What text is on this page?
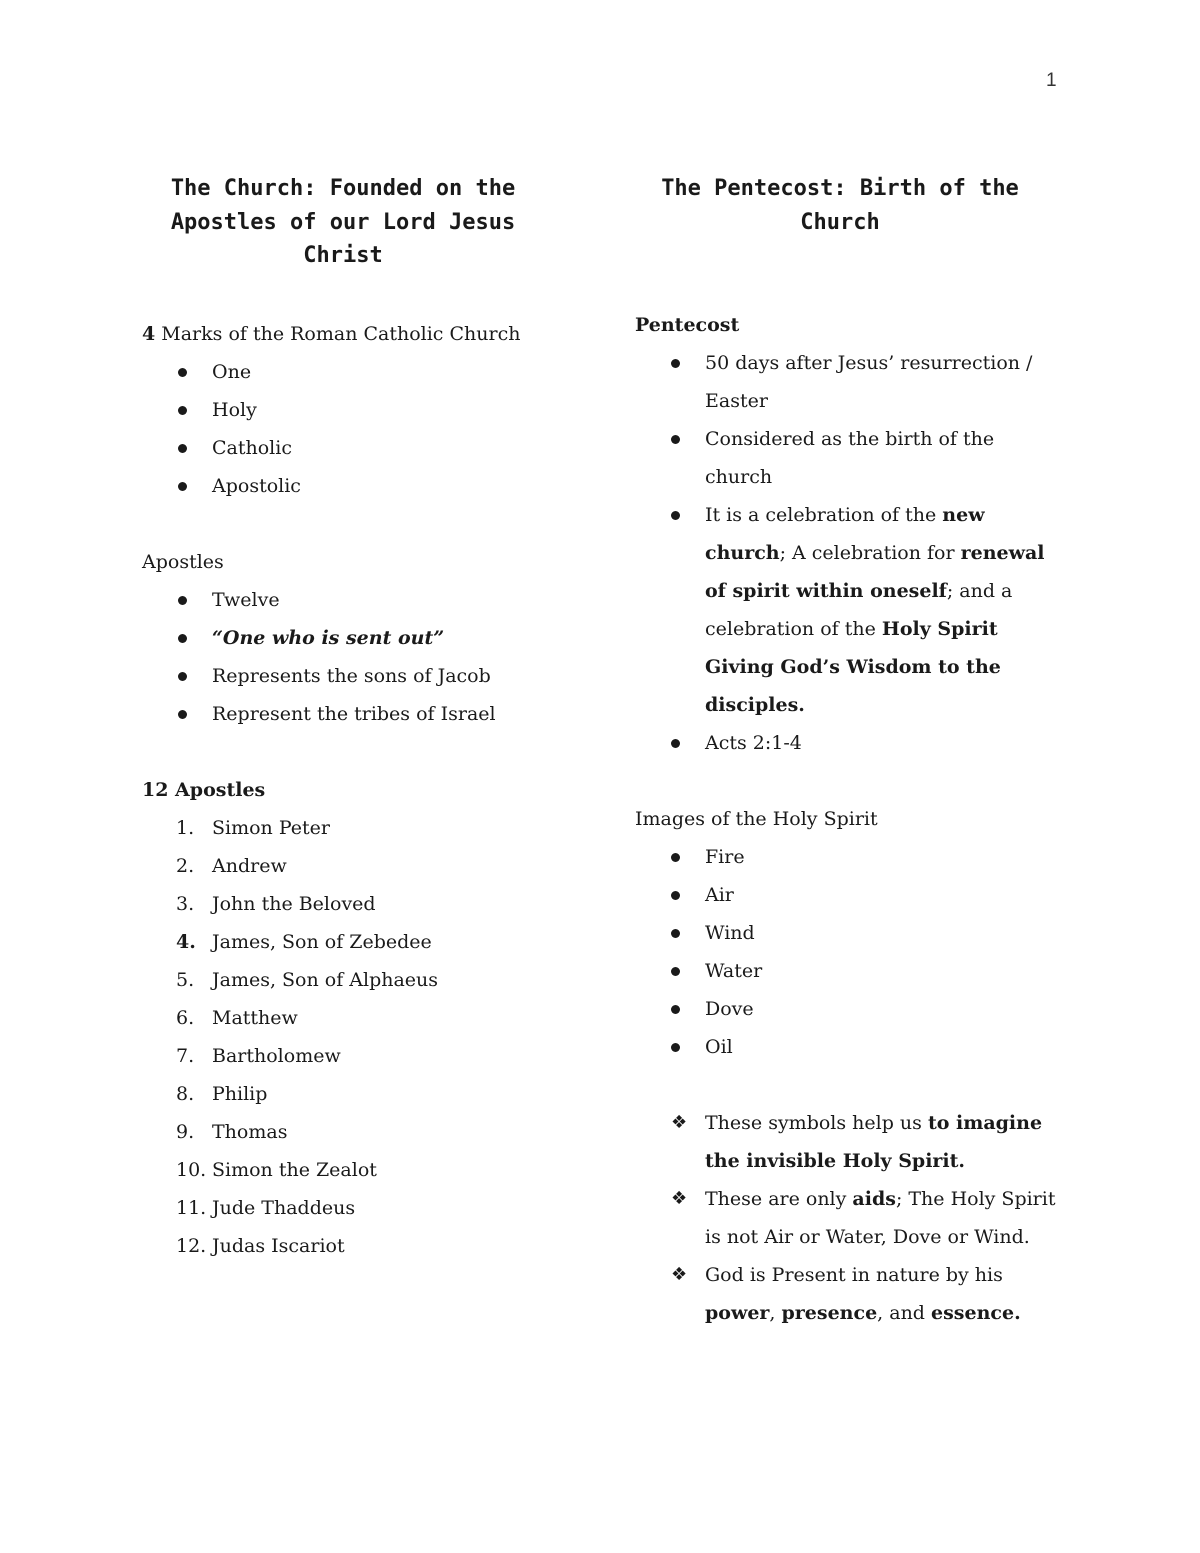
1
The Church: Founded on the
Apostles of our Lord Jesus
Christ

4 Marks of the Roman Catholic Church

One
Holy
Catholic
Apostolic

Apostles

Twelve
“One who is sent out”
Represents the sons of Jacob
Represent the tribes of Israel

12 Apostles

1. Simon Peter
2. Andrew
3. John the Beloved
4. James, Son of Zebedee
5. James, Son of Alphaeus
6. Matthew
7. Bartholomew
8. Philip
9. Thomas
10. Simon the Zealot
11. Jude Thaddeus
12. Judas Iscariot
The Pentecost: Birth of the
Church

Pentecost

50 days after Jesus’ resurrection / Easter
Considered as the birth of the church
It is a celebration of the new church; A celebration for renewal of spirit within oneself; and a celebration of the Holy Spirit Giving God’s Wisdom to the disciples.
Acts 2:1-4

Images of the Holy Spirit

Fire
Air
Wind
Water
Dove
Oil
❖ These symbols help us to imagine the invisible Holy Spirit.
❖ These are only aids; The Holy Spirit is not Air or Water, Dove or Wind.
❖ God is Present in nature by his power, presence, and essence.
